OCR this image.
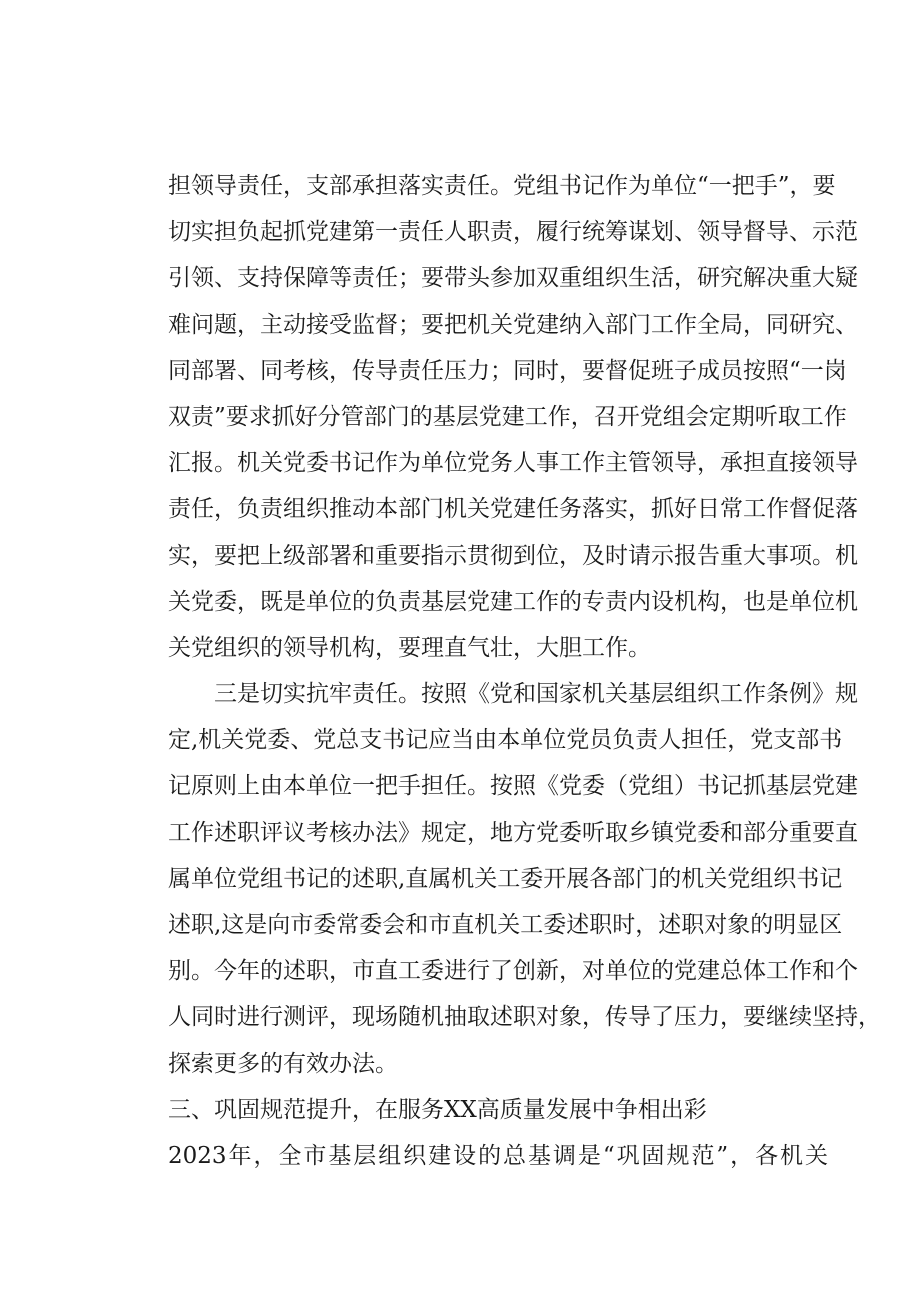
担领导责任，支部承担落实责任。党组书记作为单位“一把手”，要
切实担负起抓党建第一责任人职责，履行统筹谋划、领导督导、示范
引领、支持保障等责任；要带头参加双重组织生活，研究解决重大疑
难问题，主动接受监督；要把机关党建纳入部门工作全局，同研究、
同部署、同考核，传导责任压力；同时，要督促班子成员按照“一岗
双责”要求抓好分管部门的基层党建工作，召开党组会定期听取工作
汇报。机关党委书记作为单位党务人事工作主管领导，承担直接领导
责任，负责组织推动本部门机关党建任务落实，抓好日常工作督促落
实，要把上级部署和重要指示贯彻到位，及时请示报告重大事项。机
关党委，既是单位的负责基层党建工作的专责内设机构，也是单位机
关党组织的领导机构，要理直气壮，大胆工作。
三是切实抗牢责任。按照《党和国家机关基层组织工作条例》规
定,机关党委、党总支书记应当由本单位党员负责人担任，党支部书
记原则上由本单位一把手担任。按照《党委（党组）书记抓基层党建
工作述职评议考核办法》规定，地方党委听取乡镇党委和部分重要直
属单位党组书记的述职,直属机关工委开展各部门的机关党组织书记
述职,这是向市委常委会和市直机关工委述职时，述职对象的明显区
别。今年的述职，市直工委进行了创新，对单位的党建总体工作和个
人同时进行测评，现场随机抽取述职对象，传导了压力，要继续坚持，
探索更多的有效办法。
三、巩固规范提升，在服务XX高质量发展中争相出彩
2023年，全市基层组织建设的总基调是“巩固规范”，各机关
